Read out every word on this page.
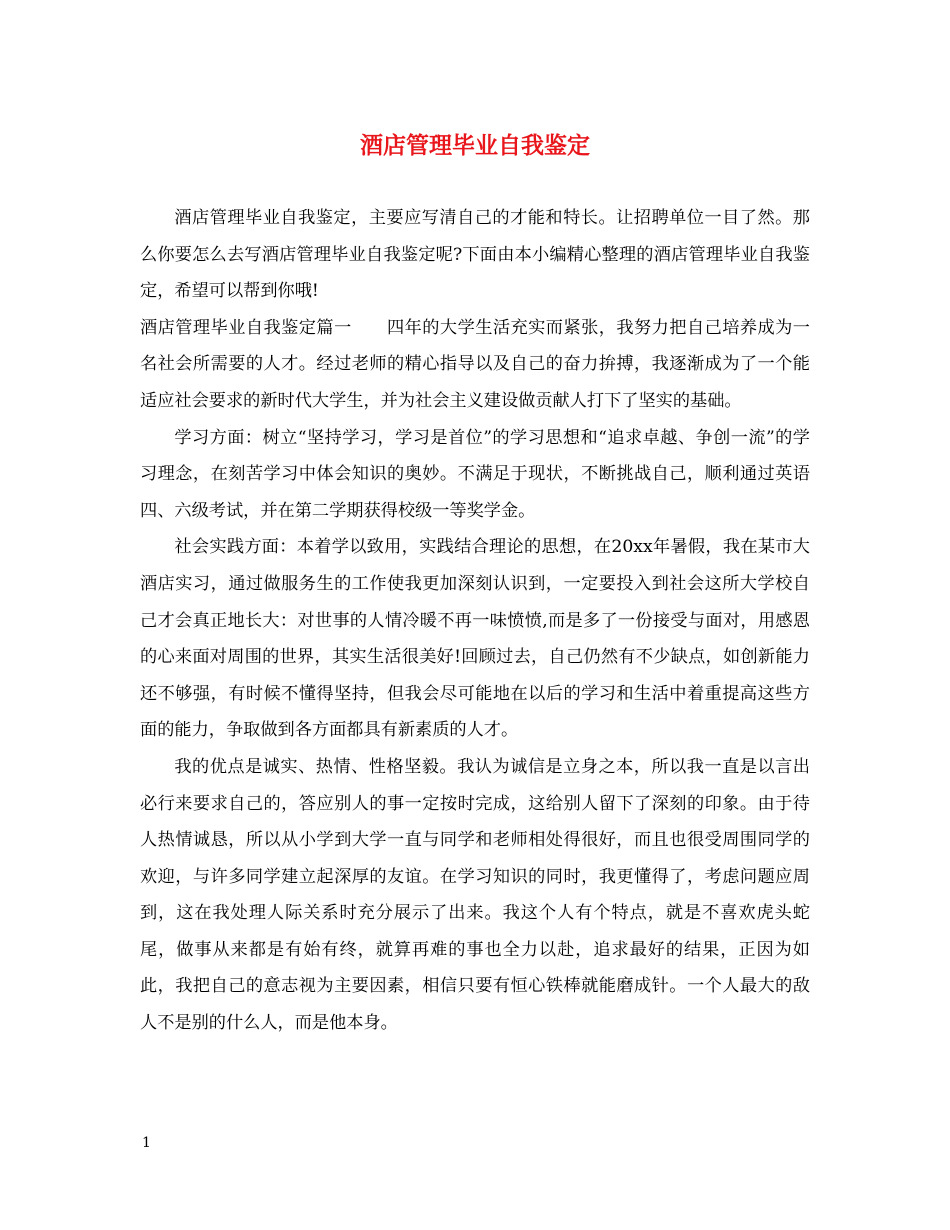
酒店管理毕业自我鉴定

酒店管理毕业自我鉴定，主要应写清自己的才能和特长。让招聘单位一目了然。那么你要怎么去写酒店管理毕业自我鉴定呢?下面由本小编精心整理的酒店管理毕业自我鉴定，希望可以帮到你哦!

酒店管理毕业自我鉴定篇一　　四年的大学生活充实而紧张，我努力把自己培养成为一名社会所需要的人才。经过老师的精心指导以及自己的奋力拚搏，我逐渐成为了一个能适应社会要求的新时代大学生，并为社会主义建设做贡献人打下了坚实的基础。

学习方面：树立“坚持学习，学习是首位”的学习思想和“追求卓越、争创一流”的学习理念，在刻苦学习中体会知识的奥妙。不满足于现状，不断挑战自己，顺利通过英语四、六级考试，并在第二学期获得校级一等奖学金。

社会实践方面：本着学以致用，实践结合理论的思想，在20xx年暑假，我在某市大酒店实习，通过做服务生的工作使我更加深刻认识到，一定要投入到社会这所大学校自己才会真正地长大：对世事的人情冷暖不再一味愤愤,而是多了一份接受与面对，用感恩的心来面对周围的世界，其实生活很美好!回顾过去，自己仍然有不少缺点，如创新能力还不够强，有时候不懂得坚持，但我会尽可能地在以后的学习和生活中着重提高这些方面的能力，争取做到各方面都具有新素质的人才。

我的优点是诚实、热情、性格坚毅。我认为诚信是立身之本，所以我一直是以言出必行来要求自己的，答应别人的事一定按时完成，这给别人留下了深刻的印象。由于待人热情诚恳，所以从小学到大学一直与同学和老师相处得很好，而且也很受周围同学的欢迎，与许多同学建立起深厚的友谊。在学习知识的同时，我更懂得了，考虑问题应周到，这在我处理人际关系时充分展示了出来。我这个人有个特点，就是不喜欢虎头蛇尾，做事从来都是有始有终，就算再难的事也全力以赴，追求最好的结果，正因为如此，我把自己的意志视为主要因素，相信只要有恒心铁棒就能磨成针。一个人最大的敌人不是别的什么人，而是他本身。

1
